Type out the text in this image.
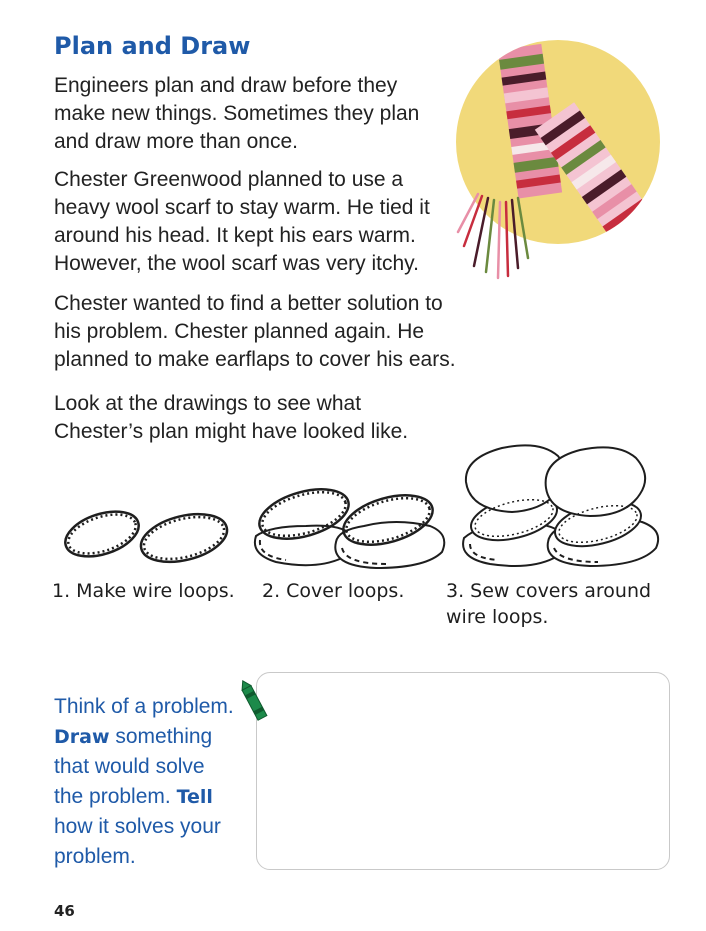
Plan and Draw

Engineers plan and draw before they make new things. Sometimes they plan and draw more than once.

Chester Greenwood planned to use a heavy wool scarf to stay warm. He tied it around his head. It kept his ears warm. However, the wool scarf was very itchy.

Chester wanted to find a better solution to his problem. Chester planned again. He planned to make earflaps to cover his ears.

Look at the drawings to see what Chester’s plan might have looked like.

1. Make wire loops. 2. Cover loops. 3. Sew covers around wire loops.

Think of a problem. Draw something that would solve the problem. Tell how it solves your problem.

46
